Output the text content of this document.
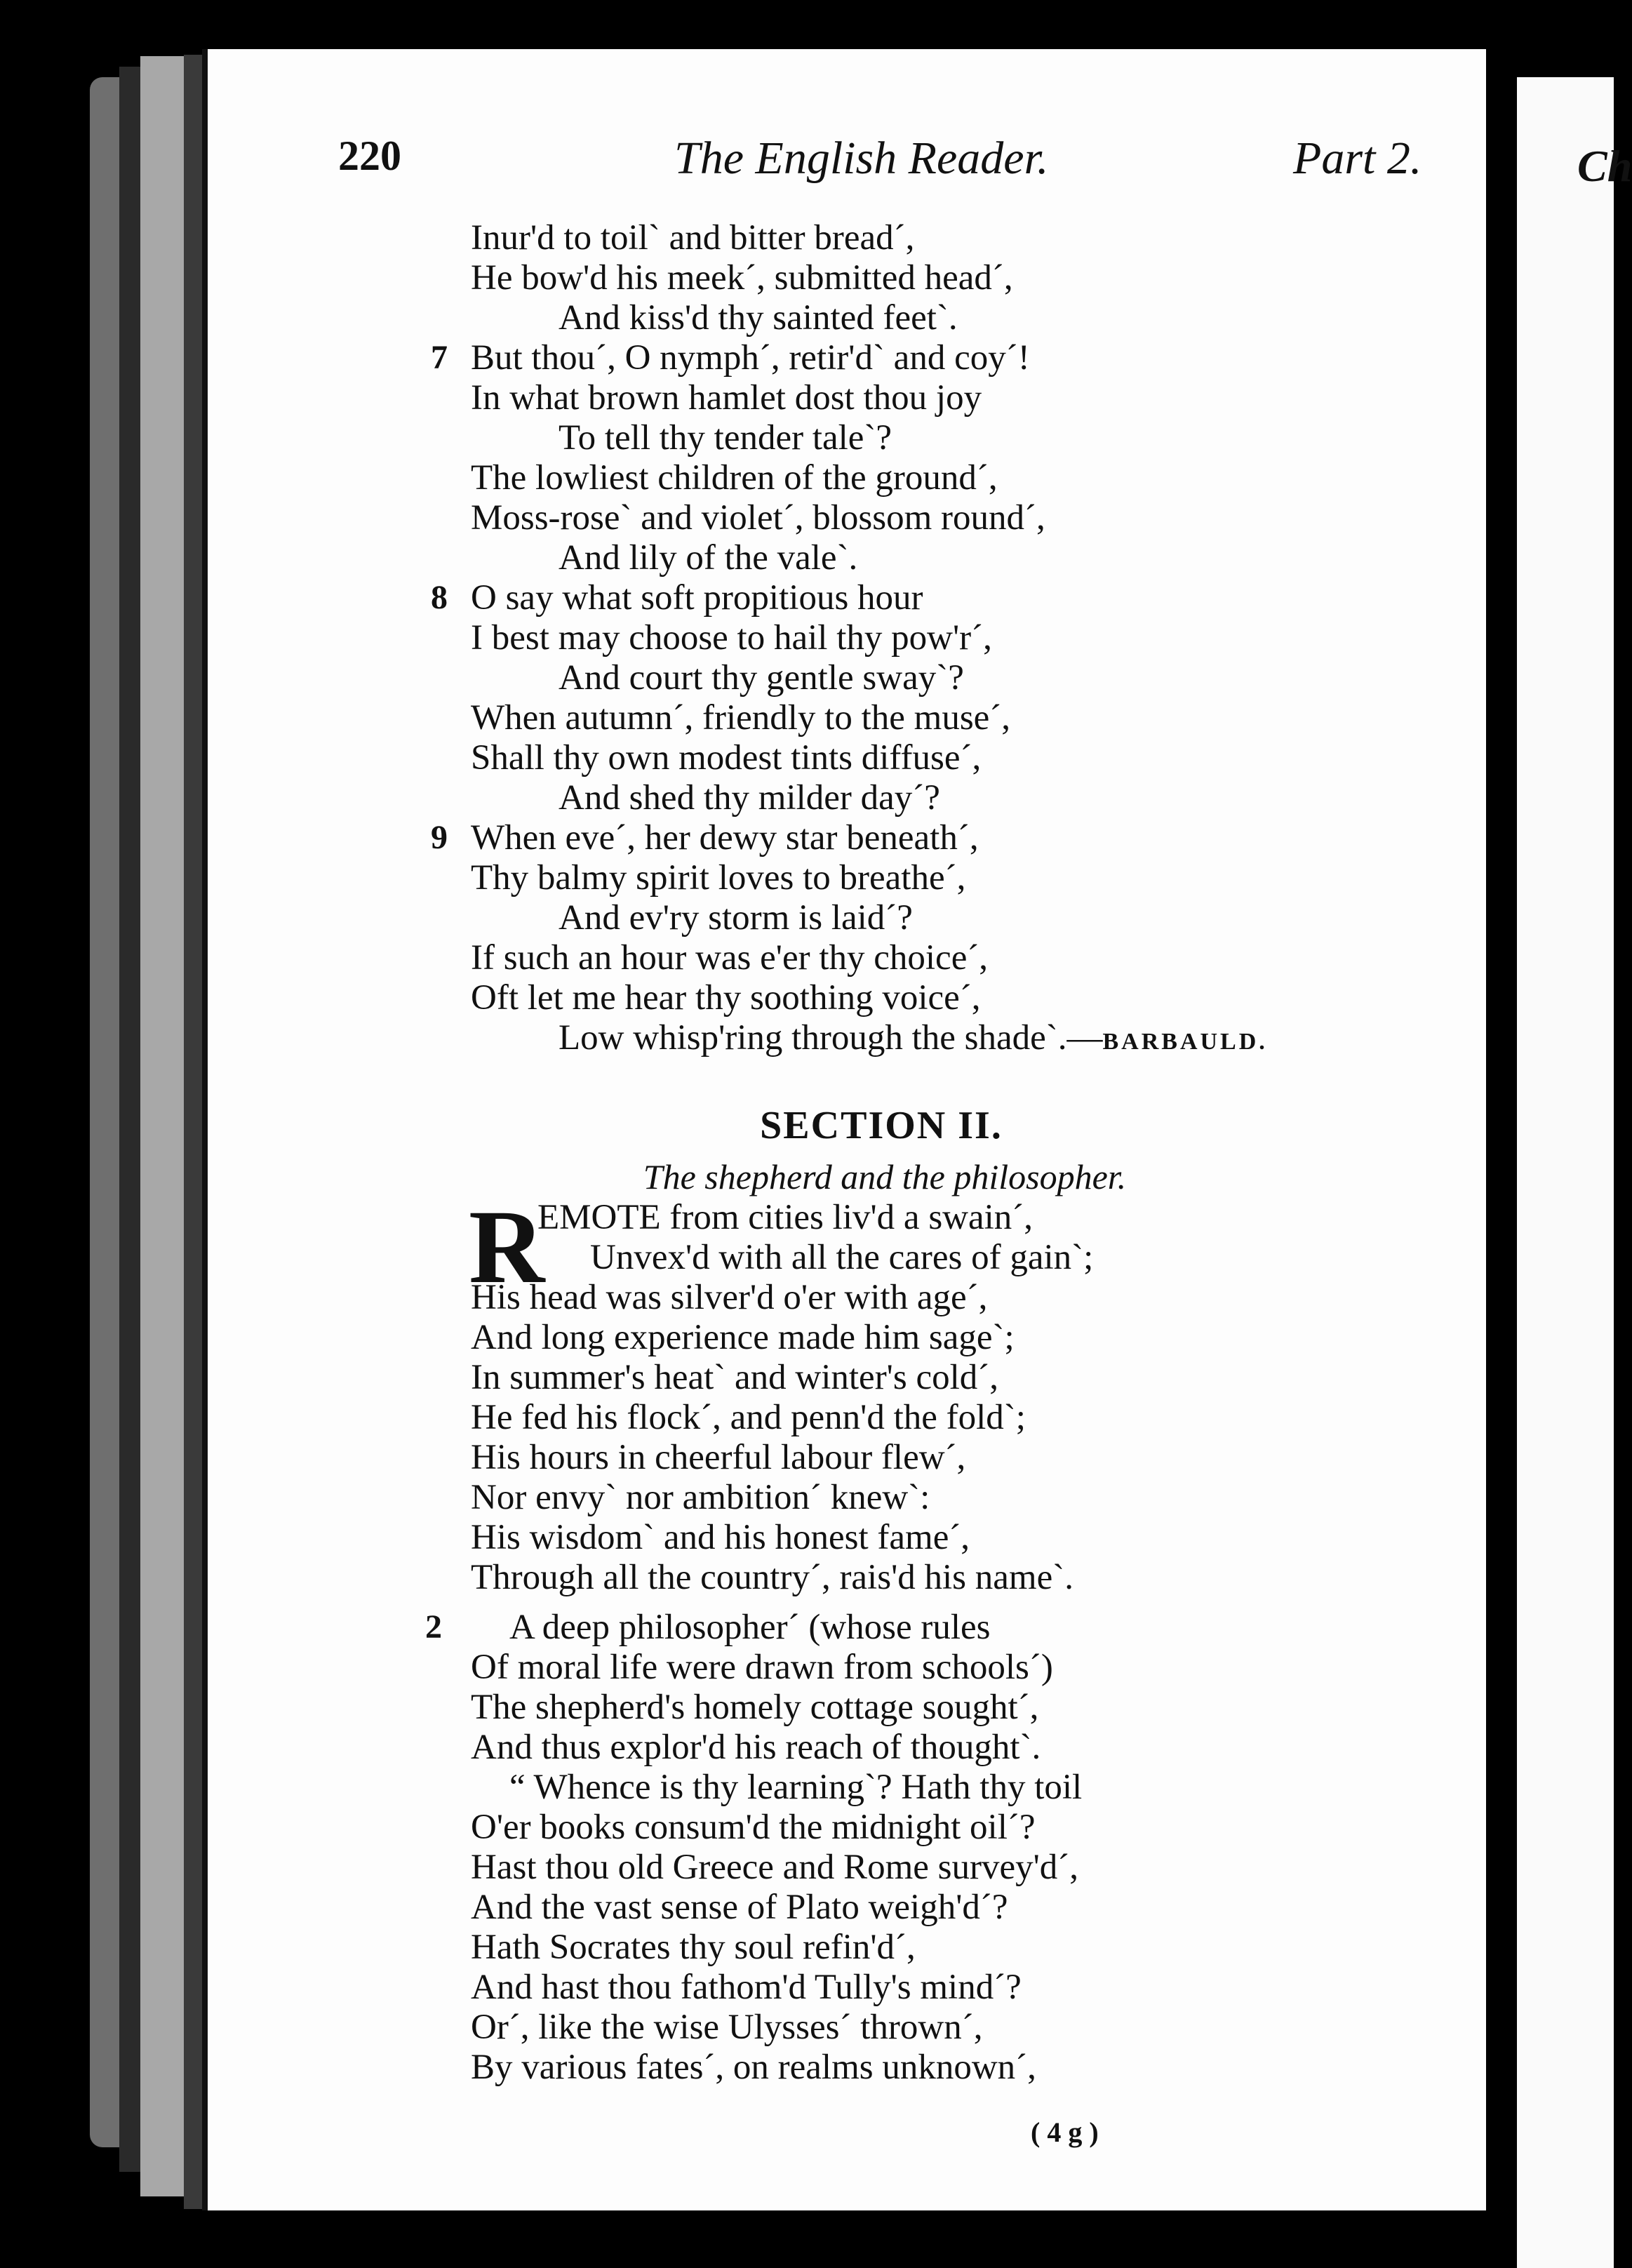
220	The English Reader.	Part 2.
Inur'd to toil` and bitter bread´,
He bow'd his meek´, submitted head´,
And kiss'd thy sainted feet`.
7 But thou´, O nymph´, retir'd` and coy´!
In what brown hamlet dost thou joy
To tell thy tender tale`?
The lowliest children of the ground´,
Moss-rose` and violet´, blossom round´,
And lily of the vale`.
8 O say what soft propitious hour
I best may choose to hail thy pow'r´,
And court thy gentle sway`?
When autumn´, friendly to the muse´,
Shall thy own modest tints diffuse´,
And shed thy milder day´?
9 When eve´, her dewy star beneath´,
Thy balmy spirit loves to breathe´,
And ev'ry storm is laid´?
If such an hour was e'er thy choice´,
Oft let me hear thy soothing voice´,
Low whisp'ring through the shade`.—BARBAULD.
SECTION II.
The shepherd and the philosopher.
R
EMOTE from cities liv'd a swain´,
Unvex'd with all the cares of gain`;
His head was silver'd o'er with age´,
And long experience made him sage`;
In summer's heat` and winter's cold´,
He fed his flock´, and penn'd the fold`;
His hours in cheerful labour flew´,
Nor envy` nor ambition´ knew`:
His wisdom` and his honest fame´,
Through all the country´, rais'd his name`.
2 A deep philosopher´ (whose rules
Of moral life were drawn from schools´)
The shepherd's homely cottage sought´,
And thus explor'd his reach of thought`.
“ Whence is thy learning`? Hath thy toil
O'er books consum'd the midnight oil´?
Hast thou old Greece and Rome survey'd´,
And the vast sense of Plato weigh'd´?
Hath Socrates thy soul refin'd´,
And hast thou fathom'd Tully's mind´?
Or´, like the wise Ulysses´ thrown´,
By various fates´, on realms unknown´,
( 4 g )
Ch
